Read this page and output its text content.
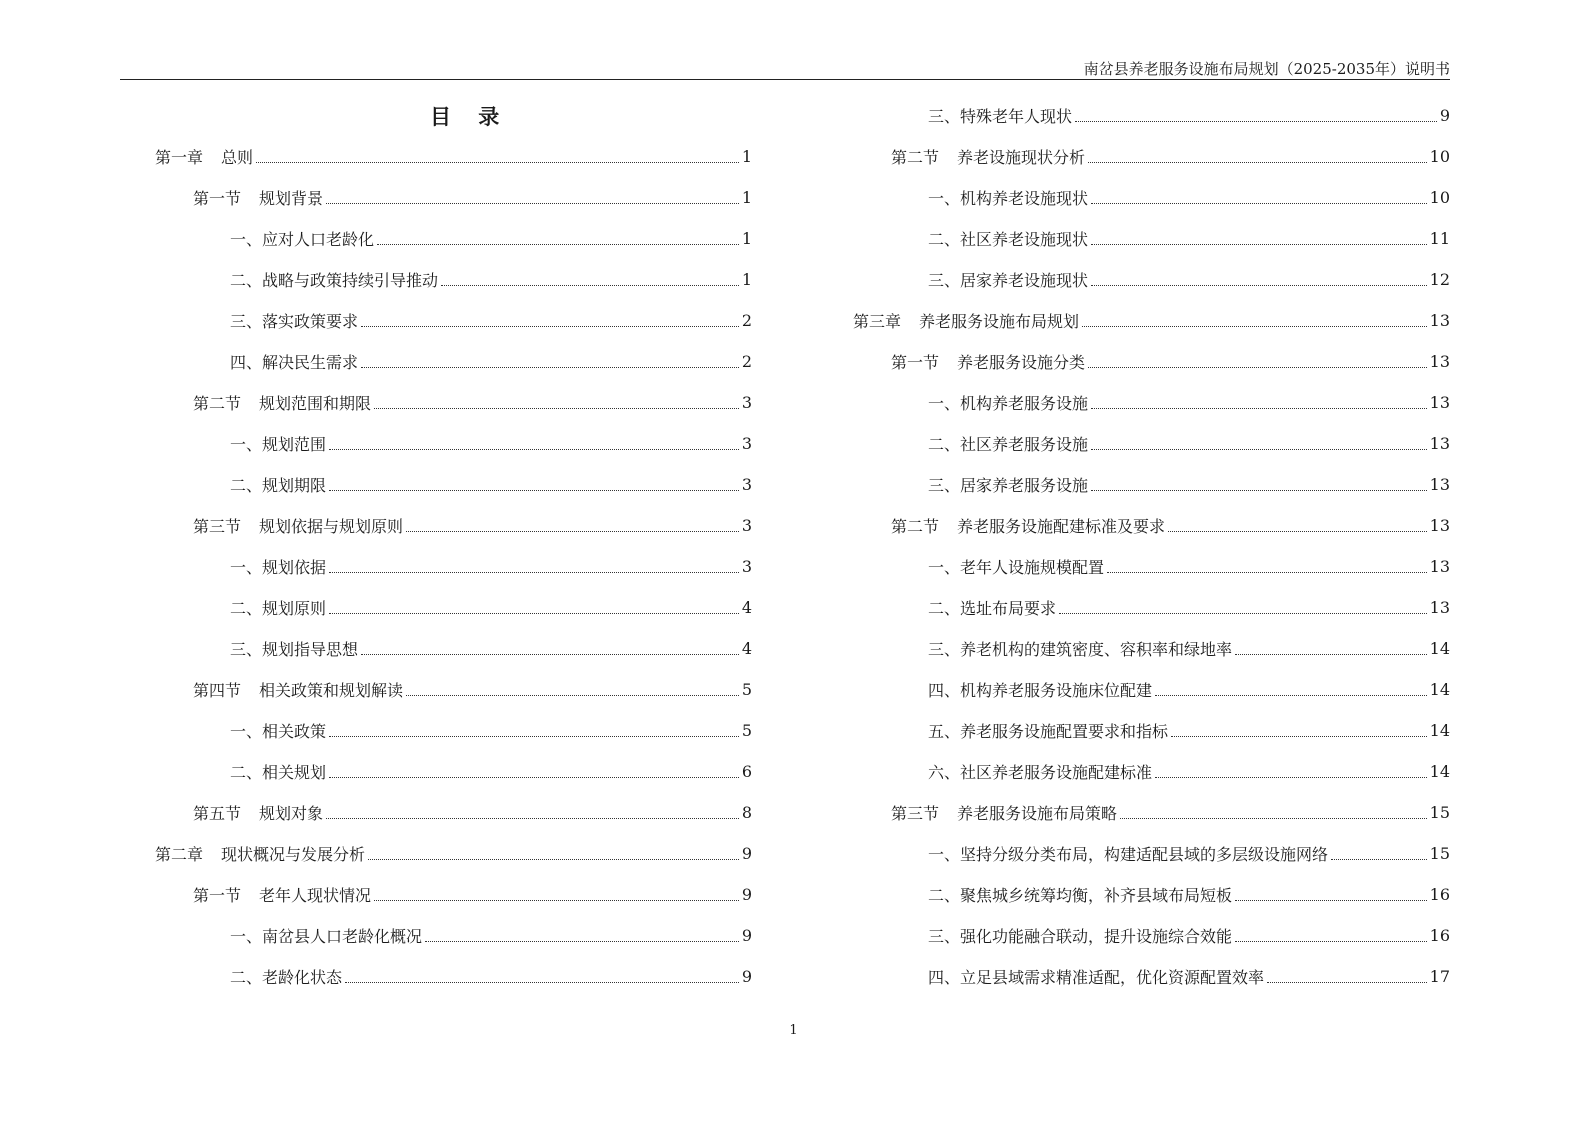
南岔县养老服务设施布局规划（2025-2035年）说明书
目 录
第一章 总则	1
第一节 规划背景	1
一、应对人口老龄化	1
二、战略与政策持续引导推动	1
三、落实政策要求	2
四、解决民生需求	2
第二节 规划范围和期限	3
一、规划范围	3
二、规划期限	3
第三节 规划依据与规划原则	3
一、规划依据	3
二、规划原则	4
三、规划指导思想	4
第四节 相关政策和规划解读	5
一、相关政策	5
二、相关规划	6
第五节 规划对象	8
第二章 现状概况与发展分析	9
第一节 老年人现状情况	9
一、南岔县人口老龄化概况	9
二、老龄化状态	9
三、特殊老年人现状	9
第二节 养老设施现状分析	10
一、机构养老设施现状	10
二、社区养老设施现状	11
三、居家养老设施现状	12
第三章 养老服务设施布局规划	13
第一节 养老服务设施分类	13
一、机构养老服务设施	13
二、社区养老服务设施	13
三、居家养老服务设施	13
第二节 养老服务设施配建标准及要求	13
一、老年人设施规模配置	13
二、选址布局要求	13
三、养老机构的建筑密度、容积率和绿地率	14
四、机构养老服务设施床位配建	14
五、养老服务设施配置要求和指标	14
六、社区养老服务设施配建标准	14
第三节 养老服务设施布局策略	15
一、坚持分级分类布局，构建适配县域的多层级设施网络	15
二、聚焦城乡统筹均衡，补齐县域布局短板	16
三、强化功能融合联动，提升设施综合效能	16
四、立足县域需求精准适配，优化资源配置效率	17
1
